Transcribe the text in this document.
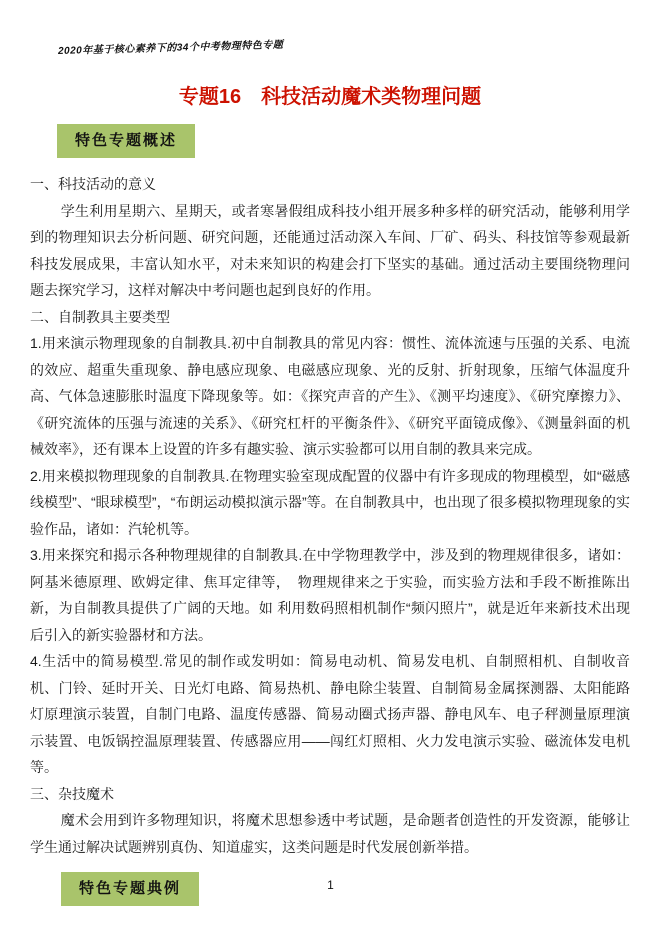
2020年基于核心素养下的34个中考物理特色专题
专题16　科技活动魔术类物理问题
特色专题概述

一、科技活动的意义

学生利用星期六、星期天，或者寒暑假组成科技小组开展多种多样的研究活动，能够利用学到的物理知识去分析问题、研究问题，还能通过活动深入车间、厂矿、码头、科技馆等参观最新科技发展成果，丰富认知水平，对未来知识的构建会打下坚实的基础。通过活动主要围绕物理问题去探究学习，这样对解决中考问题也起到良好的作用。

二、自制教具主要类型

1.用来演示物理现象的自制教具.初中自制教具的常见内容：惯性、流体流速与压强的关系、电流的效应、超重失重现象、静电感应现象、电磁感应现象、光的反射、折射现象，压缩气体温度升高、气体急速膨胀时温度下降现象等。如：《探究声音的产生》、《测平均速度》、《研究摩擦力》、《研究流体的压强与流速的关系》、《研究杠杆的平衡条件》、《研究平面镜成像》、《测量斜面的机械效率》，还有课本上设置的许多有趣实验、演示实验都可以用自制的教具来完成。

2.用来模拟物理现象的自制教具.在物理实验室现成配置的仪器中有许多现成的物理模型，如“磁感线模型”、“眼球模型”，“布朗运动模拟演示器”等。在自制教具中，也出现了很多模拟物理现象的实验作品，诸如：汽轮机等。

3.用来探究和揭示各种物理规律的自制教具.在中学物理教学中，涉及到的物理规律很多，诸如：阿基米德原理、欧姆定律、焦耳定律等，　物理规律来之于实验，而实验方法和手段不断推陈出新，为自制教具提供了广阔的天地。如 利用数码照相机制作“频闪照片”，就是近年来新技术出现后引入的新实验器材和方法。

4.生活中的简易模型.常见的制作或发明如：简易电动机、简易发电机、自制照相机、自制收音机、门铃、延时开关、日光灯电路、简易热机、静电除尘装置、自制简易金属探测器、太阳能路灯原理演示装置，自制门电路、温度传感器、简易动圈式扬声器、静电风车、电子秤测量原理演示装置、电饭锅控温原理装置、传感器应用——闯红灯照相、火力发电演示实验、磁流体发电机等。

三、杂技魔术

魔术会用到许多物理知识，将魔术思想参透中考试题，是命题者创造性的开发资源，能够让学生通过解决试题辨别真伪、知道虚实，这类问题是时代发展创新举措。

特色专题典例	1
